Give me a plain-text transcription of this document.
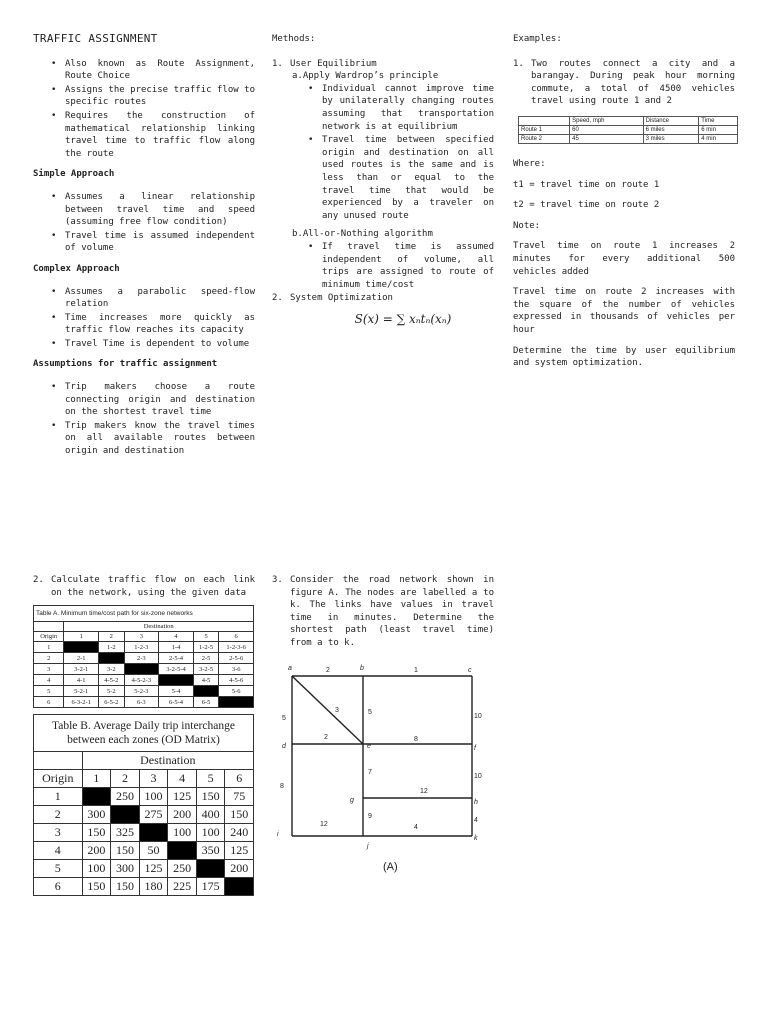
TRAFFIC ASSIGNMENT
• Also known as Route Assignment, Route Choice
• Assigns the precise traffic flow to specific routes
• Requires the construction of mathematical relationship linking travel time to traffic flow along the route
Simple Approach
• Assumes a linear relationship between travel time and speed (assuming free flow condition)
• Travel time is assumed independent of volume
Complex Approach
• Assumes a parabolic speed-flow relation
• Time increases more quickly as traffic flow reaches its capacity
• Travel Time is dependent to volume
Assumptions for traffic assignment
• Trip makers choose a route connecting origin and destination on the shortest travel time
• Trip makers know the travel times on all available routes between origin and destination
Methods:
1. User Equilibrium
a.Apply Wardrop’s principle
• Individual cannot improve time by unilaterally changing routes assuming that transportation network is at equilibrium
• Travel time between specified origin and destination on all used routes is the same and is less than or equal to the travel time that would be experienced by a traveler on any unused route
b.All-or-Nothing algorithm
• If travel time is assumed independent of volume, all trips are assigned to route of minimum time/cost
2. System Optimization
S(x) = ∑ xₙtₙ(xₙ)
Examples:
1. Two routes connect a city and a barangay. During peak hour morning commute, a total of 4500 vehicles travel using route 1 and 2
	Speed, mph	Distance	Time
Route 1	60	6 miles	6 min
Route 2	45	3 miles	4 min

Where:

t1 = travel time on route 1

t2 = travel time on route 2

Note:

Travel time on route 1 increases 2 minutes for every additional 500 vehicles added

Travel time on route 2 increases with the square of the number of vehicles expressed in thousands of vehicles per hour

Determine the time by user equilibrium and system optimization.

2. Calculate traffic flow on each link on the network, using the given data
Table A. Minimum time/cost path for six-zone networks
	Destination					
Origin	1	2	3	4	5	6
1		1-2	1-2-3	1-4	1-2-5	1-2-3-6
2	2-1		2-3	2-5-4	2-5	2-5-6
3	3-2-1	3-2		3-2-5-4	3-2-5	3-6
4	4-1	4-5-2	4-5-2-3		4-5	4-5-6
5	5-2-1	5-2	5-2-3	5-4		5-6
6	6-3-2-1	6-5-2	6-3	6-5-4	6-5	
Table B. Average Daily trip interchange between each zones (OD Matrix)
	Destination					
Origin	1	2	3	4	5	6
1		250	100	125	150	75
2	300		275	200	400	150
3	150	325		100	100	240
4	200	150	50		350	125
5	100	300	125	250		200
6	150	150	180	225	175	
3. Consider the road network shown in figure A. The nodes are labelled a to k. The links have values in travel time in minutes. Determine the shortest path (least travel time) from a to k.
a	b	c
d	e	f
g	h
i
j
k
2	1
3
5
5
10
2	8
7
10
8
12
9
4
12
4
(A)
